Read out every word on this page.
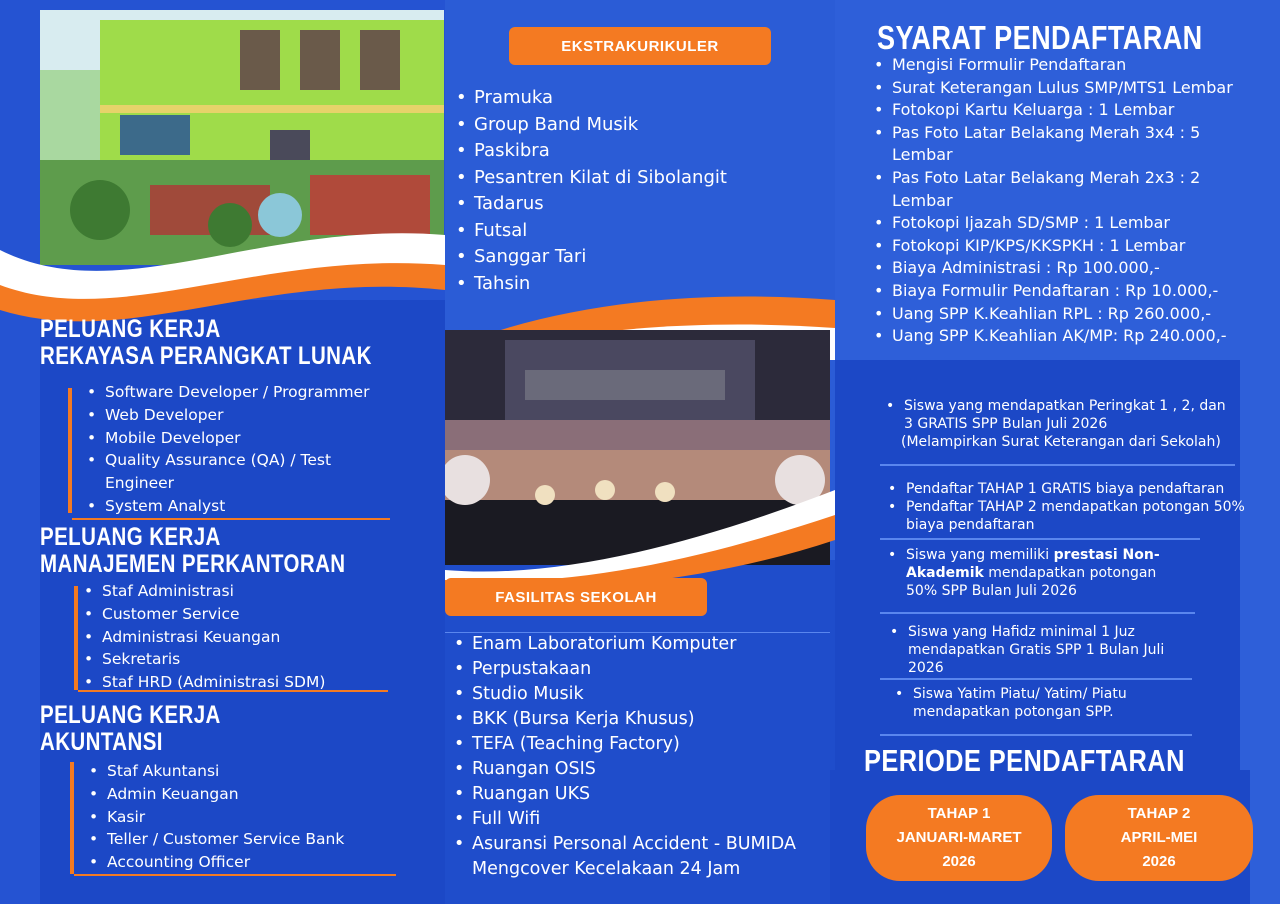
EKSTRAKURIKULER
• Pramuka
• Group Band Musik
• Paskibra
• Pesantren Kilat di Sibolangit
• Tadarus
• Futsal
• Sanggar Tari
• Tahsin
FASILITAS SEKOLAH
• Enam Laboratorium Komputer
• Perpustakaan
• Studio Musik
• BKK (Bursa Kerja Khusus)
• TEFA (Teaching Factory)
• Ruangan OSIS
• Ruangan UKS
• Full Wifi
• Asuransi Personal Accident - BUMIDA Mengcover Kecelakaan 24 Jam
PELUANG KERJA
REKAYASA PERANGKAT LUNAK
• Software Developer / Programmer
• Web Developer
• Mobile Developer
• Quality Assurance (QA) / Test Engineer
• System Analyst
PELUANG KERJA
MANAJEMEN PERKANTORAN
• Staf Administrasi
• Customer Service
• Administrasi Keuangan
• Sekretaris
• Staf HRD (Administrasi SDM)
PELUANG KERJA
AKUNTANSI
• Staf Akuntansi
• Admin Keuangan
• Kasir
• Teller / Customer Service Bank
• Accounting Officer
SYARAT PENDAFTARAN
• Mengisi Formulir Pendaftaran
• Surat Keterangan Lulus SMP/MTS1 Lembar
• Fotokopi Kartu Keluarga : 1 Lembar
• Pas Foto Latar Belakang Merah 3x4 : 5 Lembar
• Pas Foto Latar Belakang Merah 2x3 : 2 Lembar
• Fotokopi Ijazah SD/SMP : 1 Lembar
• Fotokopi KIP/KPS/KKSPKH : 1 Lembar
• Biaya Administrasi : Rp 100.000,-
• Biaya Formulir Pendaftaran : Rp 10.000,-
• Uang SPP K.Keahlian RPL : Rp 260.000,-
• Uang SPP K.Keahlian AK/MP: Rp 240.000,-
• Siswa yang mendapatkan Peringkat 1 , 2, dan 3 GRATIS SPP Bulan Juli 2026
(Melampirkan Surat Keterangan dari Sekolah)
• Pendaftar TAHAP 1 GRATIS biaya pendaftaran
• Pendaftar TAHAP 2 mendapatkan potongan 50% biaya pendaftaran
• Siswa yang memiliki prestasi Non-Akademik mendapatkan potongan 50% SPP Bulan Juli 2026
• Siswa yang Hafidz minimal 1 Juz mendapatkan Gratis SPP 1 Bulan Juli 2026
• Siswa Yatim Piatu/ Yatim/ Piatu mendapatkan potongan SPP.
PERIODE PENDAFTARAN
TAHAP 1
JANUARI-MARET
2026
TAHAP 2
APRIL-MEI
2026
